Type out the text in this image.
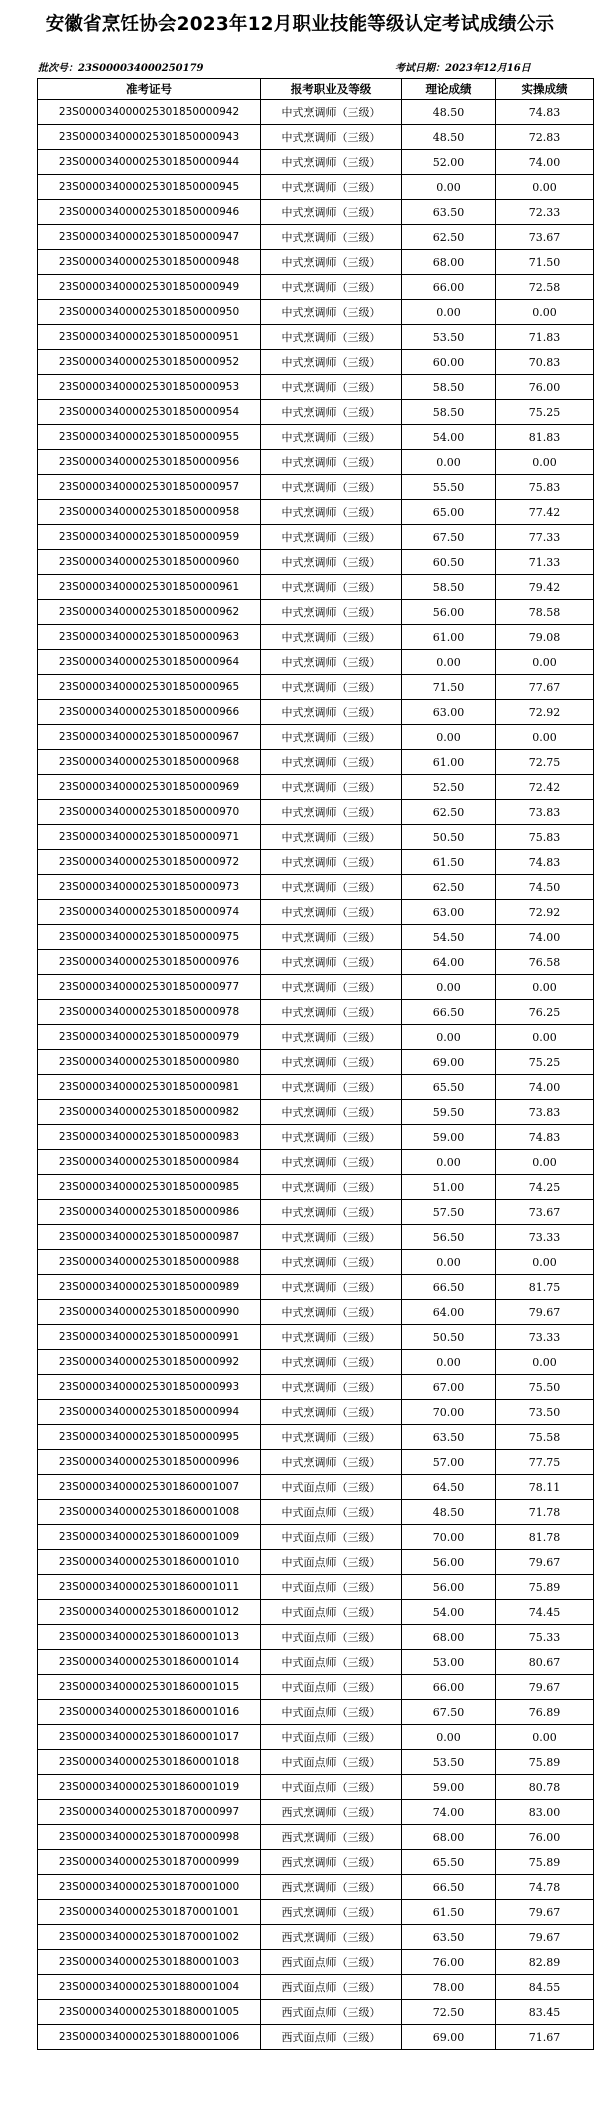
安徽省烹饪协会2023年12月职业技能等级认定考试成绩公示
批次号：23S000034000250179	考试日期：2023年12月16日
准考证号	报考职业及等级	理论成绩	实操成绩
23S000034000025301850000942	中式烹调师（三级）	48.50	74.83
23S000034000025301850000943	中式烹调师（三级）	48.50	72.83
23S000034000025301850000944	中式烹调师（三级）	52.00	74.00
23S000034000025301850000945	中式烹调师（三级）	0.00	0.00
23S000034000025301850000946	中式烹调师（三级）	63.50	72.33
23S000034000025301850000947	中式烹调师（三级）	62.50	73.67
23S000034000025301850000948	中式烹调师（三级）	68.00	71.50
23S000034000025301850000949	中式烹调师（三级）	66.00	72.58
23S000034000025301850000950	中式烹调师（三级）	0.00	0.00
23S000034000025301850000951	中式烹调师（三级）	53.50	71.83
23S000034000025301850000952	中式烹调师（三级）	60.00	70.83
23S000034000025301850000953	中式烹调师（三级）	58.50	76.00
23S000034000025301850000954	中式烹调师（三级）	58.50	75.25
23S000034000025301850000955	中式烹调师（三级）	54.00	81.83
23S000034000025301850000956	中式烹调师（三级）	0.00	0.00
23S000034000025301850000957	中式烹调师（三级）	55.50	75.83
23S000034000025301850000958	中式烹调师（三级）	65.00	77.42
23S000034000025301850000959	中式烹调师（三级）	67.50	77.33
23S000034000025301850000960	中式烹调师（三级）	60.50	71.33
23S000034000025301850000961	中式烹调师（三级）	58.50	79.42
23S000034000025301850000962	中式烹调师（三级）	56.00	78.58
23S000034000025301850000963	中式烹调师（三级）	61.00	79.08
23S000034000025301850000964	中式烹调师（三级）	0.00	0.00
23S000034000025301850000965	中式烹调师（三级）	71.50	77.67
23S000034000025301850000966	中式烹调师（三级）	63.00	72.92
23S000034000025301850000967	中式烹调师（三级）	0.00	0.00
23S000034000025301850000968	中式烹调师（三级）	61.00	72.75
23S000034000025301850000969	中式烹调师（三级）	52.50	72.42
23S000034000025301850000970	中式烹调师（三级）	62.50	73.83
23S000034000025301850000971	中式烹调师（三级）	50.50	75.83
23S000034000025301850000972	中式烹调师（三级）	61.50	74.83
23S000034000025301850000973	中式烹调师（三级）	62.50	74.50
23S000034000025301850000974	中式烹调师（三级）	63.00	72.92
23S000034000025301850000975	中式烹调师（三级）	54.50	74.00
23S000034000025301850000976	中式烹调师（三级）	64.00	76.58
23S000034000025301850000977	中式烹调师（三级）	0.00	0.00
23S000034000025301850000978	中式烹调师（三级）	66.50	76.25
23S000034000025301850000979	中式烹调师（三级）	0.00	0.00
23S000034000025301850000980	中式烹调师（三级）	69.00	75.25
23S000034000025301850000981	中式烹调师（三级）	65.50	74.00
23S000034000025301850000982	中式烹调师（三级）	59.50	73.83
23S000034000025301850000983	中式烹调师（三级）	59.00	74.83
23S000034000025301850000984	中式烹调师（三级）	0.00	0.00
23S000034000025301850000985	中式烹调师（三级）	51.00	74.25
23S000034000025301850000986	中式烹调师（三级）	57.50	73.67
23S000034000025301850000987	中式烹调师（三级）	56.50	73.33
23S000034000025301850000988	中式烹调师（三级）	0.00	0.00
23S000034000025301850000989	中式烹调师（三级）	66.50	81.75
23S000034000025301850000990	中式烹调师（三级）	64.00	79.67
23S000034000025301850000991	中式烹调师（三级）	50.50	73.33
23S000034000025301850000992	中式烹调师（三级）	0.00	0.00
23S000034000025301850000993	中式烹调师（三级）	67.00	75.50
23S000034000025301850000994	中式烹调师（三级）	70.00	73.50
23S000034000025301850000995	中式烹调师（三级）	63.50	75.58
23S000034000025301850000996	中式烹调师（三级）	57.00	77.75
23S000034000025301860001007	中式面点师（三级）	64.50	78.11
23S000034000025301860001008	中式面点师（三级）	48.50	71.78
23S000034000025301860001009	中式面点师（三级）	70.00	81.78
23S000034000025301860001010	中式面点师（三级）	56.00	79.67
23S000034000025301860001011	中式面点师（三级）	56.00	75.89
23S000034000025301860001012	中式面点师（三级）	54.00	74.45
23S000034000025301860001013	中式面点师（三级）	68.00	75.33
23S000034000025301860001014	中式面点师（三级）	53.00	80.67
23S000034000025301860001015	中式面点师（三级）	66.00	79.67
23S000034000025301860001016	中式面点师（三级）	67.50	76.89
23S000034000025301860001017	中式面点师（三级）	0.00	0.00
23S000034000025301860001018	中式面点师（三级）	53.50	75.89
23S000034000025301860001019	中式面点师（三级）	59.00	80.78
23S000034000025301870000997	西式烹调师（三级）	74.00	83.00
23S000034000025301870000998	西式烹调师（三级）	68.00	76.00
23S000034000025301870000999	西式烹调师（三级）	65.50	75.89
23S000034000025301870001000	西式烹调师（三级）	66.50	74.78
23S000034000025301870001001	西式烹调师（三级）	61.50	79.67
23S000034000025301870001002	西式烹调师（三级）	63.50	79.67
23S000034000025301880001003	西式面点师（三级）	76.00	82.89
23S000034000025301880001004	西式面点师（三级）	78.00	84.55
23S000034000025301880001005	西式面点师（三级）	72.50	83.45
23S000034000025301880001006	西式面点师（三级）	69.00	71.67
